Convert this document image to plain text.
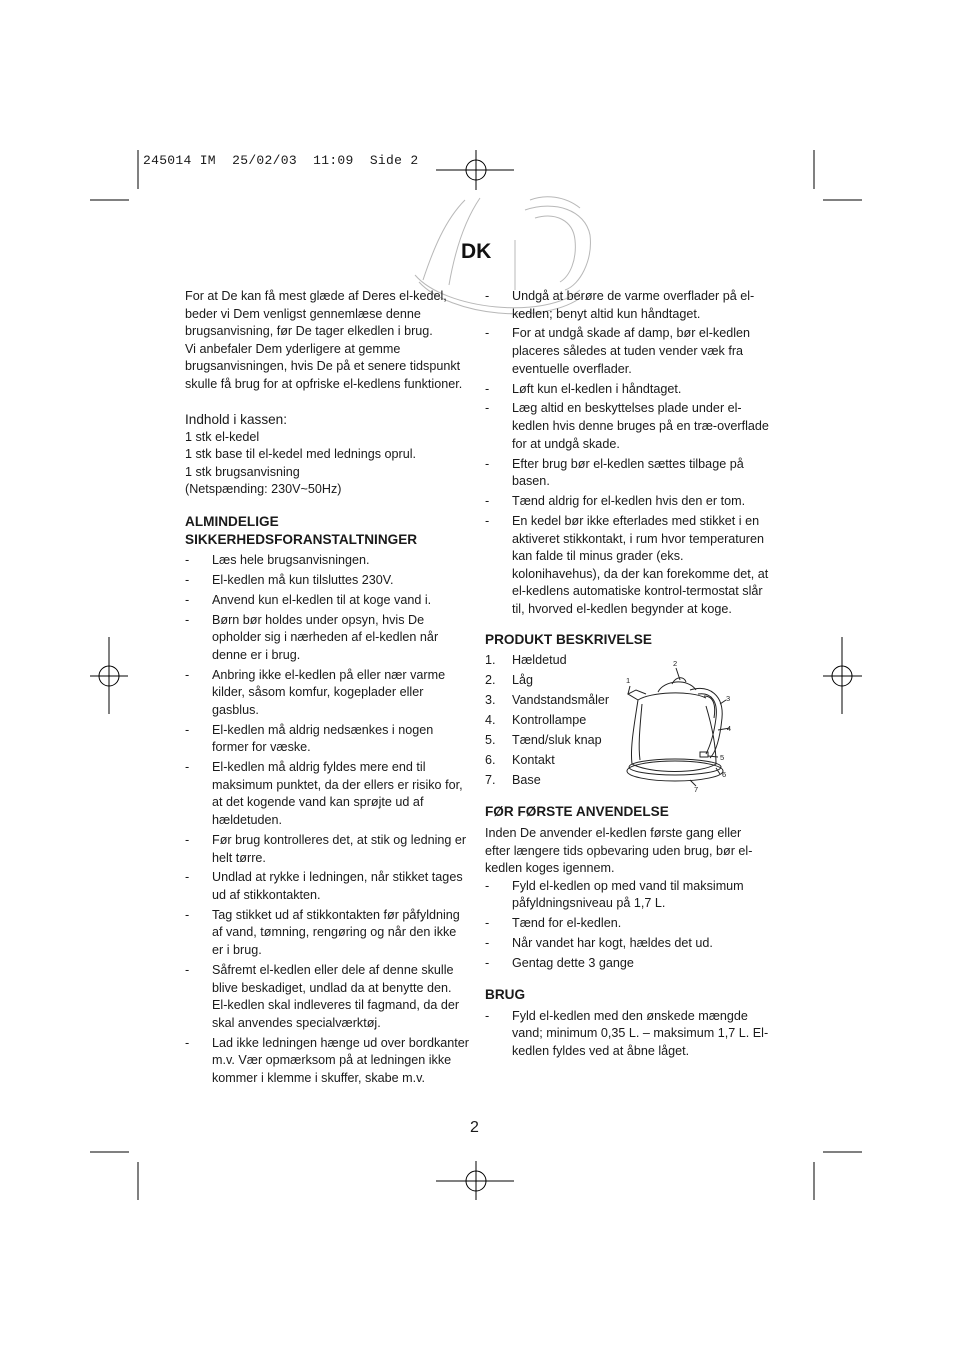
245014 IM  25/02/03  11:09  Side 2
DK

For at De kan få mest glæde af Deres el-kedel, beder vi Dem venligst gennemlæse denne brugsanvisning, før De tager elkedlen i brug.

Vi anbefaler Dem yderligere at gemme brugsanvisningen, hvis De på et senere tidspunkt skulle få brug for at opfriske el-kedlens funktioner.

Indhold i kassen:

1 stk el-kedel

1 stk base til el-kedel med lednings oprul.

1 stk brugsanvisning

(Netspænding: 230V~50Hz)

ALMINDELIGE SIKKERHEDSFORANSTALTNINGER
- Læs hele brugsanvisningen.
- El-kedlen må kun tilsluttes 230V.
- Anvend kun el-kedlen til at koge vand i.
- Børn bør holdes under opsyn, hvis De opholder sig i nærheden af el-kedlen når denne er i brug.
- Anbring ikke el-kedlen på eller nær varme kilder, såsom komfur, kogeplader eller gasblus.
- El-kedlen må aldrig nedsænkes i nogen former for væske.
- El-kedlen må aldrig fyldes mere end til maksimum punktet, da der ellers er risiko for, at det kogende vand kan sprøjte ud af hældetuden.
- Før brug kontrolleres det, at stik og ledning er helt tørre.
- Undlad at rykke i ledningen, når stikket tages ud af stikkontakten.
- Tag stikket ud af stikkontakten før påfyldning af vand, tømning, rengøring og når den ikke er i brug.
- Såfremt el-kedlen eller dele af denne skulle blive beskadiget, undlad da at benytte den. El-kedlen skal indleveres til fagmand, da der skal anvendes specialværktøj.
- Lad ikke ledningen hænge ud over bordkanter m.v. Vær opmærksom på at ledningen ikke kommer i klemme i skuffer, skabe m.v.
- Undgå at berøre de varme overflader på el-kedlen; benyt altid kun håndtaget.
- For at undgå skade af damp, bør el-kedlen placeres således at tuden vender væk fra eventuelle overflader.
- Løft kun el-kedlen i håndtaget.
- Læg altid en beskyttelses plade under el-kedlen hvis denne bruges på en træ-overflade for at undgå skade.
- Efter brug bør el-kedlen sættes tilbage på basen.
- Tænd aldrig for el-kedlen hvis den er tom.
- En kedel bør ikke efterlades med stikket i en aktiveret stikkontakt, i rum hvor temperaturen kan falde til minus grader (eks. kolonihavehus), da der kan forekomme det, at el-kedlens automatiske kontrol-termostat slår til, hvorved el-kedlen begynder at koge.
PRODUKT BESKRIVELSE
1. Hældetud
2. Låg
3. Vandstandsmåler
4. Kontrollampe
5. Tænd/sluk knap
6. Kontakt
7. Base
FØR FØRSTE ANVENDELSE

Inden De anvender el-kedlen første gang eller efter længere tids opbevaring uden brug, bør el-kedlen koges igennem.

- Fyld el-kedlen op med vand til maksimum påfyldningsniveau på 1,7 L.
- Tænd for el-kedlen.
- Når vandet har kogt, hældes det ud.
- Gentag dette 3 gange
BRUG
- Fyld el-kedlen med den ønskede mængde vand; minimum 0,35 L. – maksimum 1,7 L. El-kedlen fyldes ved at åbne låget.
1
2
3
4
5
6
7
2
